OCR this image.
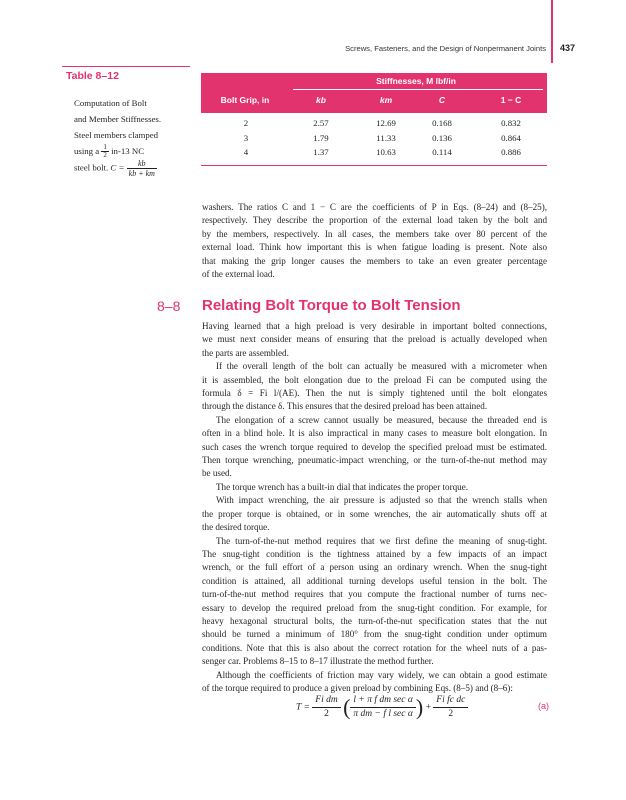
Screws, Fasteners, and the Design of Nonpermanent Joints 437
Table 8–12
Computation of Bolt
and Member Stiffnesses.
Steel members clamped
using a $\frac{1}{2} in-13$ NC
steel bolt. $C = \frac{kb}{kb + km}$
Stiffnesses, M lbf/in
Bolt Grip, in	kb	km	C	1 − C
2	2.57	12.69	0.168	0.832
3	1.79	11.33	0.136	0.864
4	1.37	10.63	0.114	0.886
washers. The ratios C and 1 − C are the coefficients of P in Eqs. (8–24) and (8–25),
respectively. They describe the proportion of the external load taken by the bolt and
by the members, respectively. In all cases, the members take over 80 percent of the
external load. Think how important this is when fatigue loading is present. Note also
that making the grip longer causes the members to take an even greater percentage
of the external load.
8–8 Relating Bolt Torque to Bolt Tension
Having learned that a high preload is very desirable in important bolted connections,
we must next consider means of ensuring that the preload is actually developed when
the parts are assembled.
If the overall length of the bolt can actually be measured with a micrometer when
it is assembled, the bolt elongation due to the preload Fi can be computed using the
formula δ = Fi l/(AE). Then the nut is simply tightened until the bolt elongates
through the distance δ. This ensures that the desired preload has been attained.
The elongation of a screw cannot usually be measured, because the threaded end is
often in a blind hole. It is also impractical in many cases to measure bolt elongation. In
such cases the wrench torque required to develop the specified preload must be estimated.
Then torque wrenching, pneumatic-impact wrenching, or the turn-of-the-nut method may
be used.
The torque wrench has a built-in dial that indicates the proper torque.
With impact wrenching, the air pressure is adjusted so that the wrench stalls when
the proper torque is obtained, or in some wrenches, the air automatically shuts off at
the desired torque.
The turn-of-the-nut method requires that we first define the meaning of snug-tight.
The snug-tight condition is the tightness attained by a few impacts of an impact
wrench, or the full effort of a person using an ordinary wrench. When the snug-tight
condition is attained, all additional turning develops useful tension in the bolt. The
turn-of-the-nut method requires that you compute the fractional number of turns nec-
essary to develop the required preload from the snug-tight condition. For example, for
heavy hexagonal structural bolts, the turn-of-the-nut specification states that the nut
should be turned a minimum of 180° from the snug-tight condition under optimum
conditions. Note that this is also about the correct rotation for the wheel nuts of a pas-
senger car. Problems 8–15 to 8–17 illustrate the method further.
Although the coefficients of friction may vary widely, we can obtain a good estimate
of the torque required to produce a given preload by combining Eqs. (8–5) and (8–6):
$T = \frac{\text{Fi dm}}{2}$ ( l + π f dm sec α
π dm − f l sec α ) + $\frac{\text{Fi fc dc}}{2}$	(a)
